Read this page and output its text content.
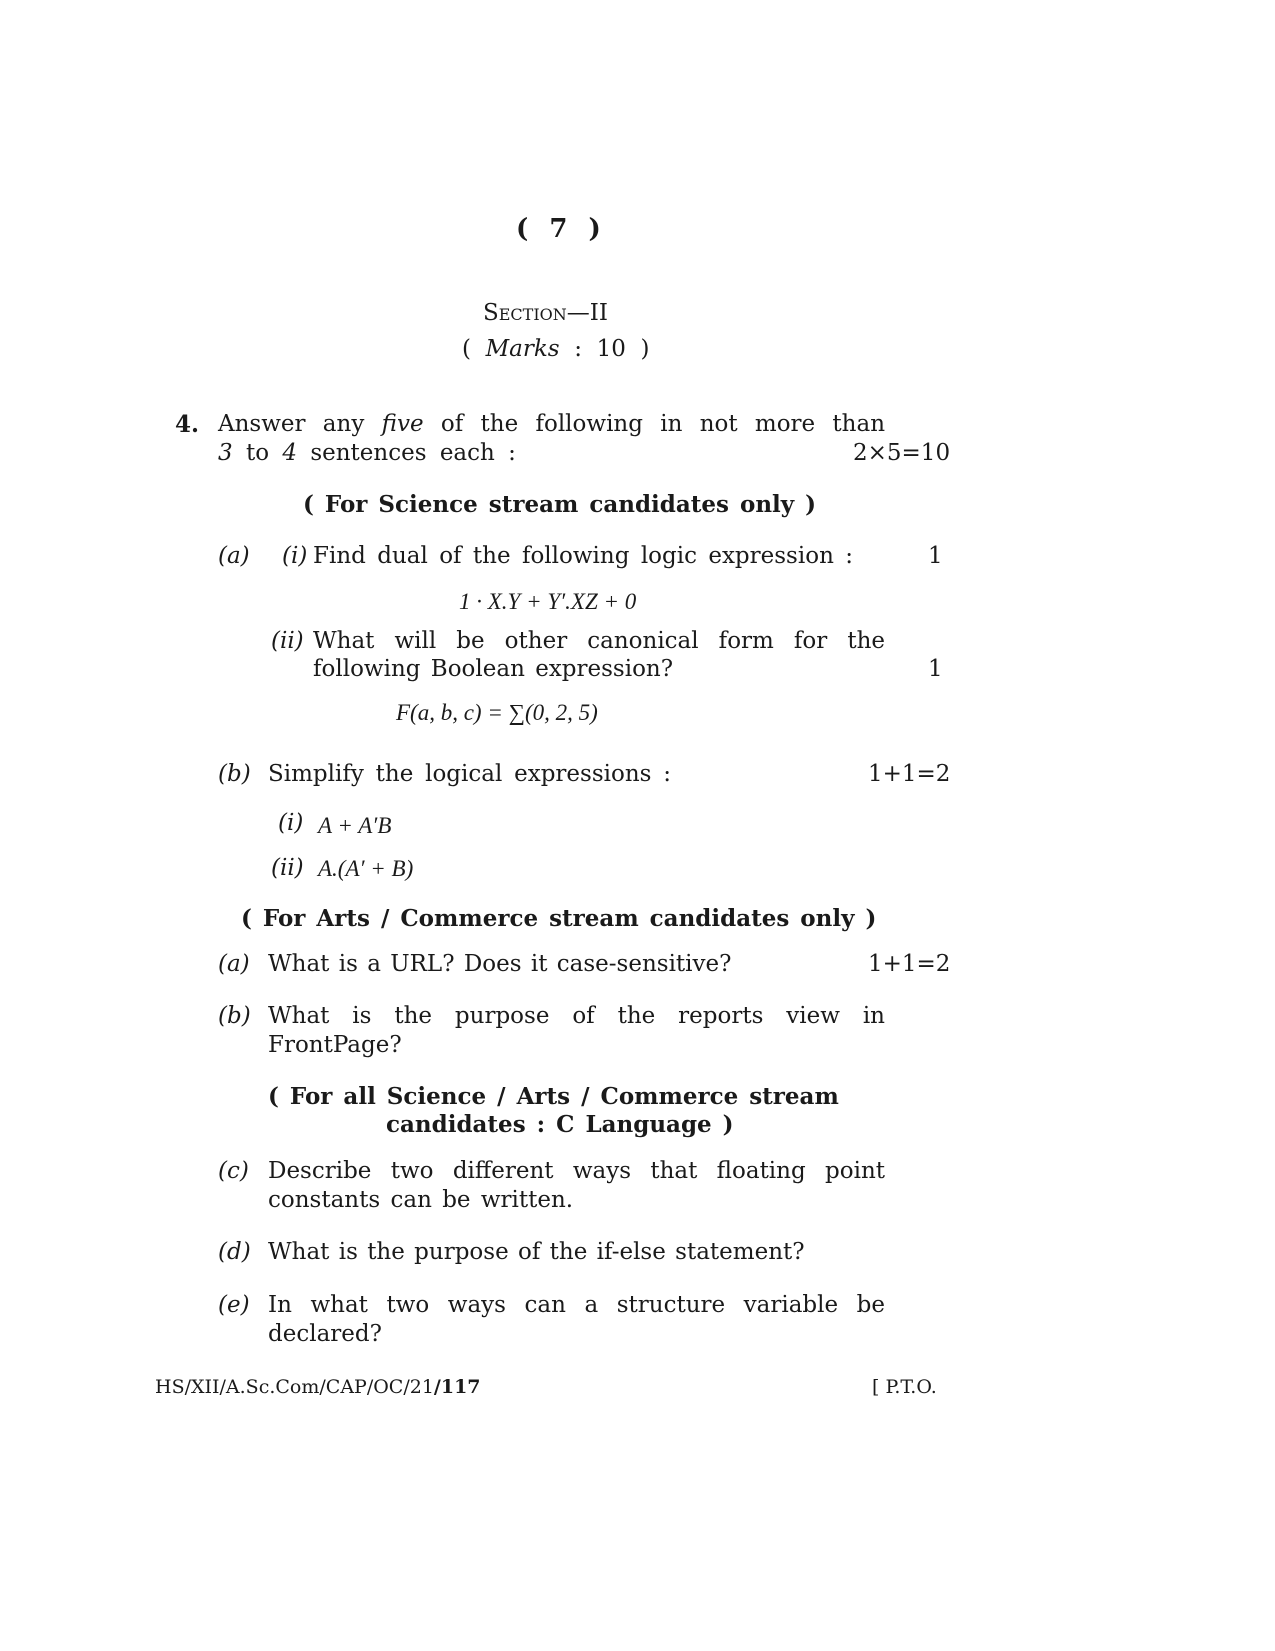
( 7 )
Section—II
( Marks : 10 )
4. Answer any five of the following in not more than
3 to 4 sentences each :	2×5=10
( For Science stream candidates only )
(a) (i) Find dual of the following logic expression :	1
1 · X.Y + Y′.XZ + 0
(ii) What will be other canonical form for the
following Boolean expression?	1
F(a, b, c) = ∑(0, 2, 5)
(b) Simplify the logical expressions :	1+1=2
(i) A + A′B
(ii) A.(A′ + B)
( For Arts / Commerce stream candidates only )
(a) What is a URL? Does it case-sensitive?	1+1=2
(b) What is the purpose of the reports view in
FrontPage?
( For all Science / Arts / Commerce stream
candidates : C Language )
(c) Describe two different ways that floating point
constants can be written.
(d) What is the purpose of the if-else statement?
(e) In what two ways can a structure variable be
declared?
HS/XII/A.Sc.Com/CAP/OC/21/117	[ P.T.O.
